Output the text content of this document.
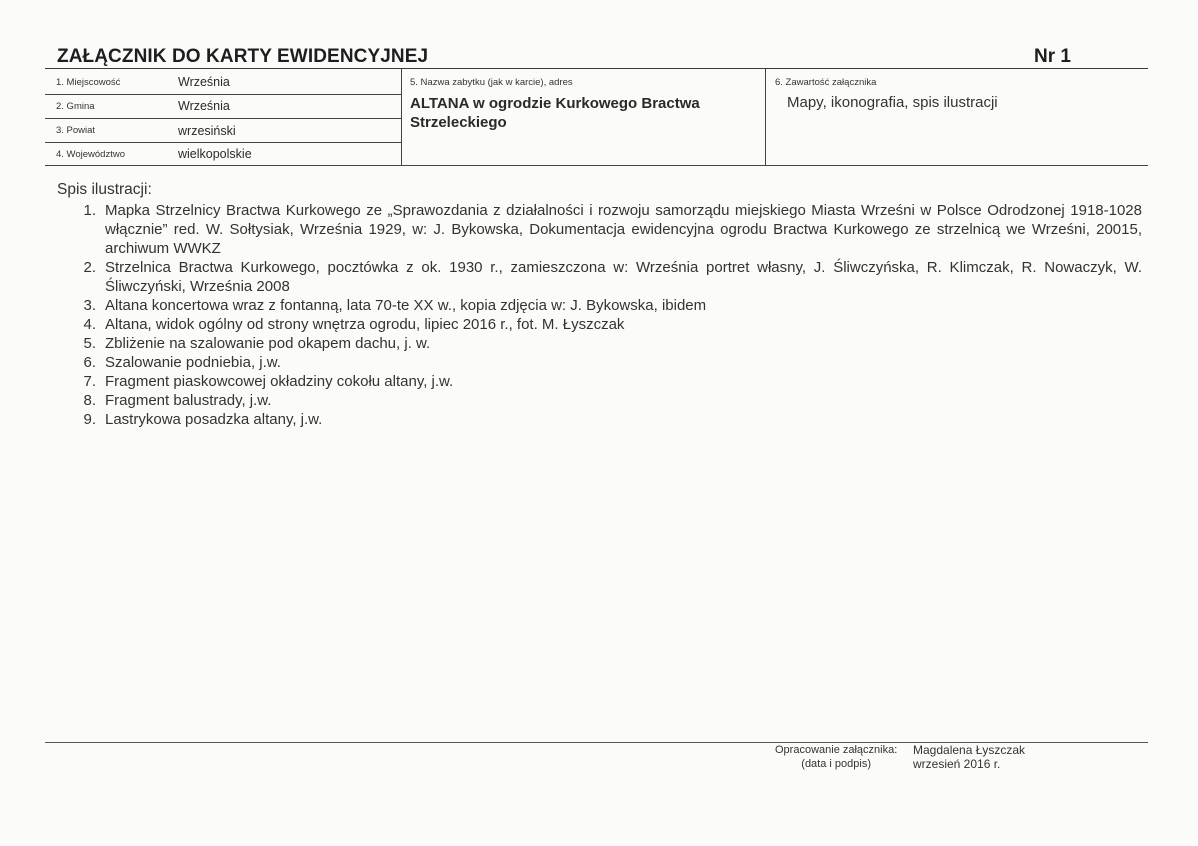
ZAŁĄCZNIK DO KARTY EWIDENCYJNEJ	Nr 1
1. Miejscowość	Września
2. Gmina	Września
3. Powiat	wrzesiński
4. Województwo	wielkopolskie
5. Nazwa zabytku (jak w karcie), adres
ALTANA w ogrodzie Kurkowego Bractwa Strzeleckiego
6. Zawartość załącznika
Mapy, ikonografia, spis ilustracji
Spis ilustracji:
1. Mapka Strzelnicy Bractwa Kurkowego ze „Sprawozdania z działalności i rozwoju samorządu miejskiego Miasta Wrześni w Polsce Odrodzonej 1918-1028 włącznie” red. W. Sołtysiak, Września 1929, w: J. Bykowska, Dokumentacja ewidencyjna ogrodu Bractwa Kurkowego ze strzelnicą we Wrześni, 20015, archiwum WWKZ
2. Strzelnica Bractwa Kurkowego, pocztówka z ok. 1930 r., zamieszczona w: Września portret własny, J. Śliwczyńska, R. Klimczak, R. Nowaczyk, W. Śliwczyński, Września 2008
3. Altana koncertowa wraz z fontanną, lata 70-te XX w., kopia zdjęcia w: J. Bykowska, ibidem
4. Altana, widok ogólny od strony wnętrza ogrodu, lipiec 2016 r., fot. M. Łyszczak
5. Zbliżenie na szalowanie pod okapem dachu, j. w.
6. Szalowanie podniebia, j.w.
7. Fragment piaskowcowej okładziny cokołu altany, j.w.
8. Fragment balustrady, j.w.
9. Lastrykowa posadzka altany, j.w.
Opracowanie załącznika:
(data i podpis)
Magdalena Łyszczak
wrzesień 2016 r.
